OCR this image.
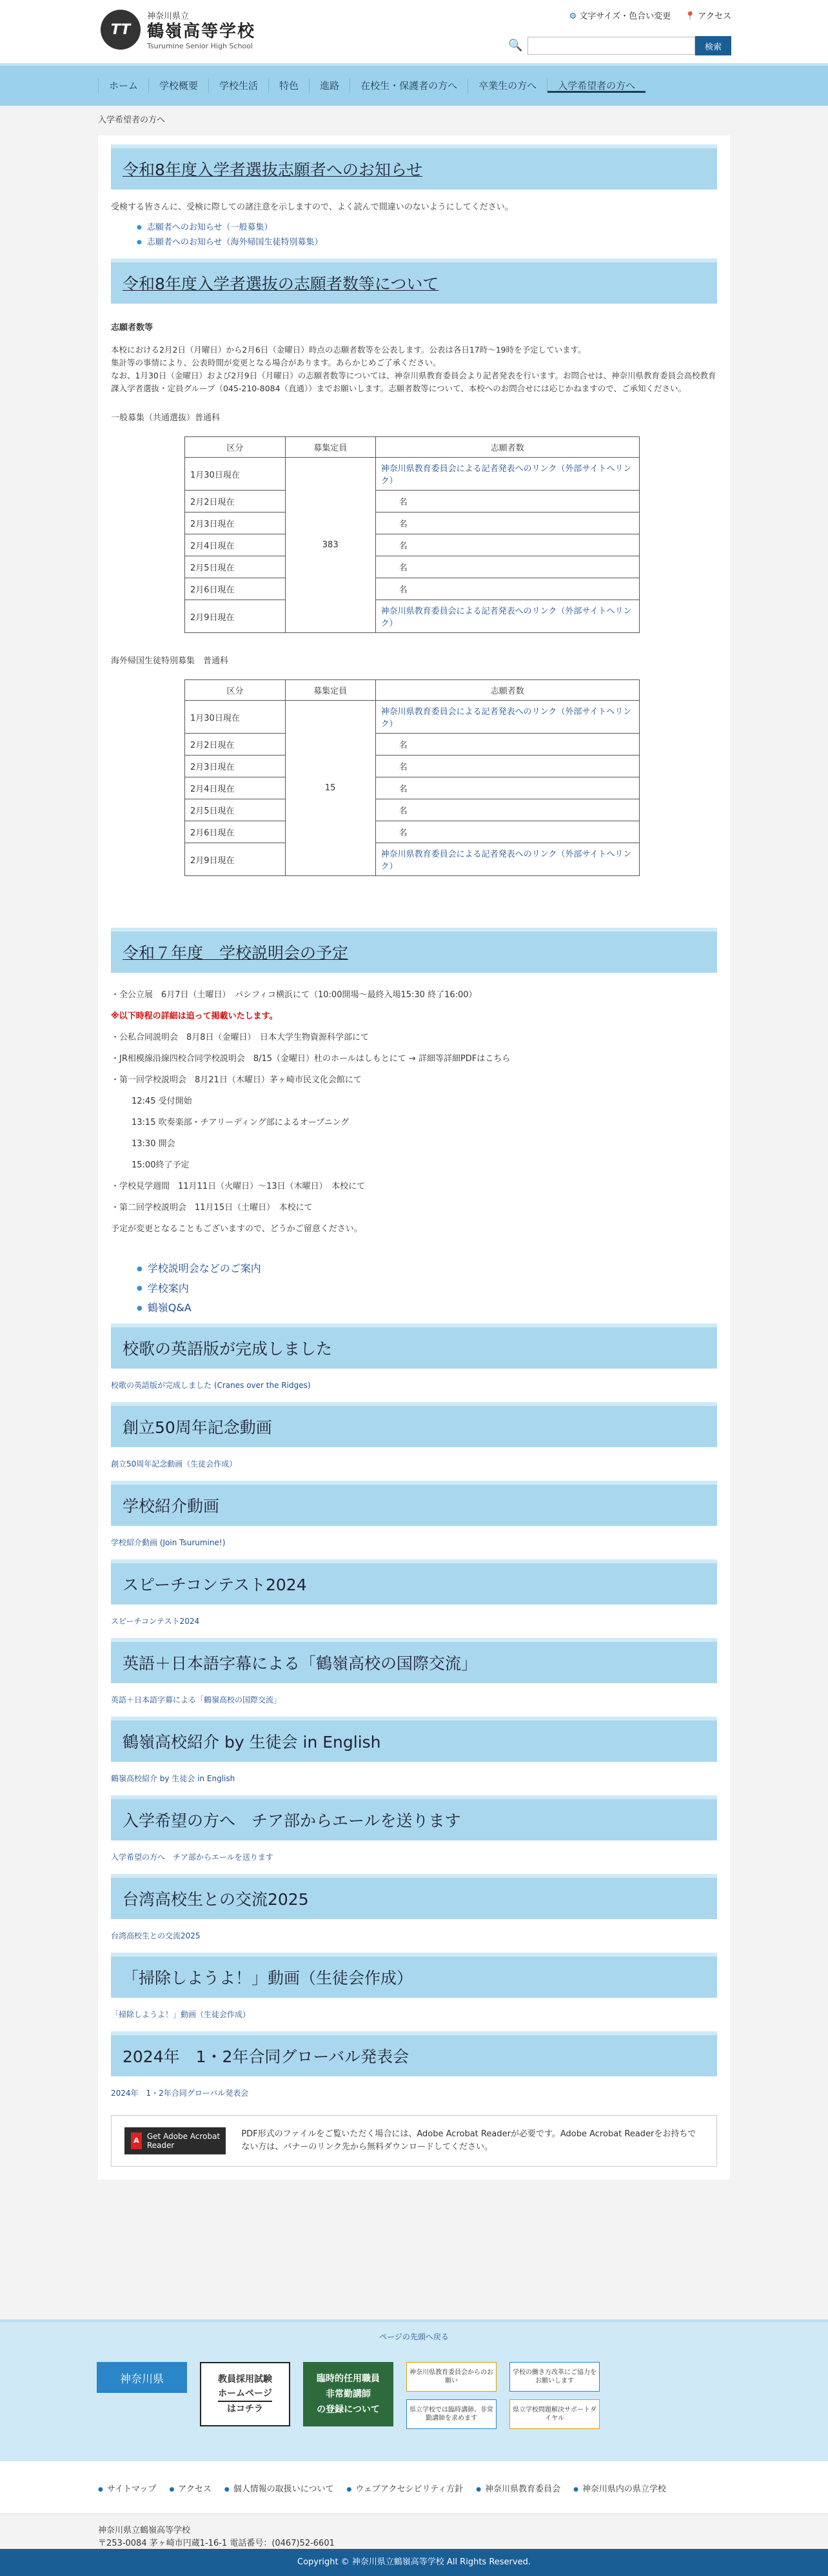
TT
神奈川県立
鶴嶺高等学校
Tsurumine Senior High School
⚙ 文字サイズ・色合い変更 📍 アクセス
🔍	検索
ホーム	学校概要	学校生活	特色	進路	在校生・保護者の方へ	卒業生の方へ	入学希望者の方へ
入学希望者の方へ
令和8年度入学者選抜志願者へのお知らせ

受検する皆さんに、受検に際しての諸注意を示しますので、よく読んで間違いのないようにしてください。

● 志願者へのお知らせ（一般募集）
● 志願者へのお知らせ（海外帰国生徒特別募集）
令和8年度入学者選抜の志願者数等について

志願者数等

本校における2月2日（月曜日）から2月6日（金曜日）時点の志願者数等を公表します。公表は各日17時〜19時を予定しています。

集計等の事情により、公表時間が変更となる場合があります。あらかじめご了承ください。

なお、1月30日（金曜日）および2月9日（月曜日）の志願者数等については、神奈川県教育委員会より記者発表を行います。お問合せは、神奈川県教育委員会高校教育課入学者選抜・定員グループ（045-210-8084（直通））までお願いします。志願者数等について、本校へのお問合せには応じかねますので、ご承知ください。

一般募集（共通選抜）普通科

区分	募集定員	志願者数
1月30日現在	383	神奈川県教育委員会による記者発表へのリンク（外部サイトへリンク）
2月2日現在		名
2月3日現在		名
2月4日現在		名
2月5日現在		名
2月6日現在		名
2月9日現在		神奈川県教育委員会による記者発表へのリンク（外部サイトへリンク）

海外帰国生徒特別募集　普通科

区分	募集定員	志願者数
1月30日現在	15	神奈川県教育委員会による記者発表へのリンク（外部サイトへリンク）
2月2日現在		名
2月3日現在		名
2月4日現在		名
2月5日現在		名
2月6日現在		名
2月9日現在		神奈川県教育委員会による記者発表へのリンク（外部サイトへリンク）
令和７年度　学校説明会の予定

・全公立展　6月7日（土曜日）　パシフィコ横浜にて（10:00開場〜最終入場15:30 終了16:00）

※以下時程の詳細は追って掲載いたします。

・公私合同説明会　8月8日（金曜日）　日本大学生物資源科学部にて

・JR相模線沿線四校合同学校説明会　8/15（金曜日）杜のホールはしもとにて → 詳細等詳細PDFはこちら

・第一回学校説明会　8月21日（木曜日）茅ヶ崎市民文化会館にて

12:45 受付開始

13:15 吹奏楽部・チアリーディング部によるオープニング

13:30 開会

15:00終了予定

・学校見学週間　11月11日（火曜日）〜13日（木曜日）　本校にて

・第二回学校説明会　11月15日（土曜日）　本校にて

予定が変更となることもございますので、どうかご留意ください。

● 学校説明会などのご案内
● 学校案内
● 鶴嶺Q&A
校歌の英語版が完成しました

校歌の英語版が完成しました (Cranes over the Ridges)

創立50周年記念動画

創立50周年記念動画（生徒会作成）

学校紹介動画

学校紹介動画 (Join Tsurumine!)

スピーチコンテスト2024

スピーチコンテスト2024

英語＋日本語字幕による「鶴嶺高校の国際交流」

英語＋日本語字幕による「鶴嶺高校の国際交流」

鶴嶺高校紹介 by 生徒会 in English

鶴嶺高校紹介 by 生徒会 in English

入学希望の方へ　チア部からエールを送ります

入学希望の方へ　チア部からエールを送ります

台湾高校生との交流2025

台湾高校生との交流2025

「掃除しようよ！」動画（生徒会作成）

「掃除しようよ！」動画（生徒会作成）

2024年　1・2年合同グローバル発表会

2024年　1・2年合同グローバル発表会

A	Get Adobe Acrobat Reader

PDF形式のファイルをご覧いただく場合には、Adobe Acrobat Readerが必要です。Adobe Acrobat Readerをお持ちでない方は、バナーのリンク先から無料ダウンロードしてください。

ページの先頭へ戻る
神奈川県	教員採用試験
ホームページ
はコチラ
臨時的任用職員
非常勤講師
の登録について
神奈川県教育委員会からのお願い
県立学校では臨時講師、非常勤講師を求めます
学校の働き方改革にご協力をお願いします
県立学校問題解決サポートダイヤル
● サイトマップ	● アクセス	● 個人情報の取扱いについて	● ウェブアクセシビリティ方針	● 神奈川県教育委員会	● 神奈川県内の県立学校
神奈川県立鶴嶺高等学校
〒253-0084 茅ヶ崎市円蔵1-16-1 電話番号：(0467)52-6601
Copyright © 神奈川県立鶴嶺高等学校 All Rights Reserved.
